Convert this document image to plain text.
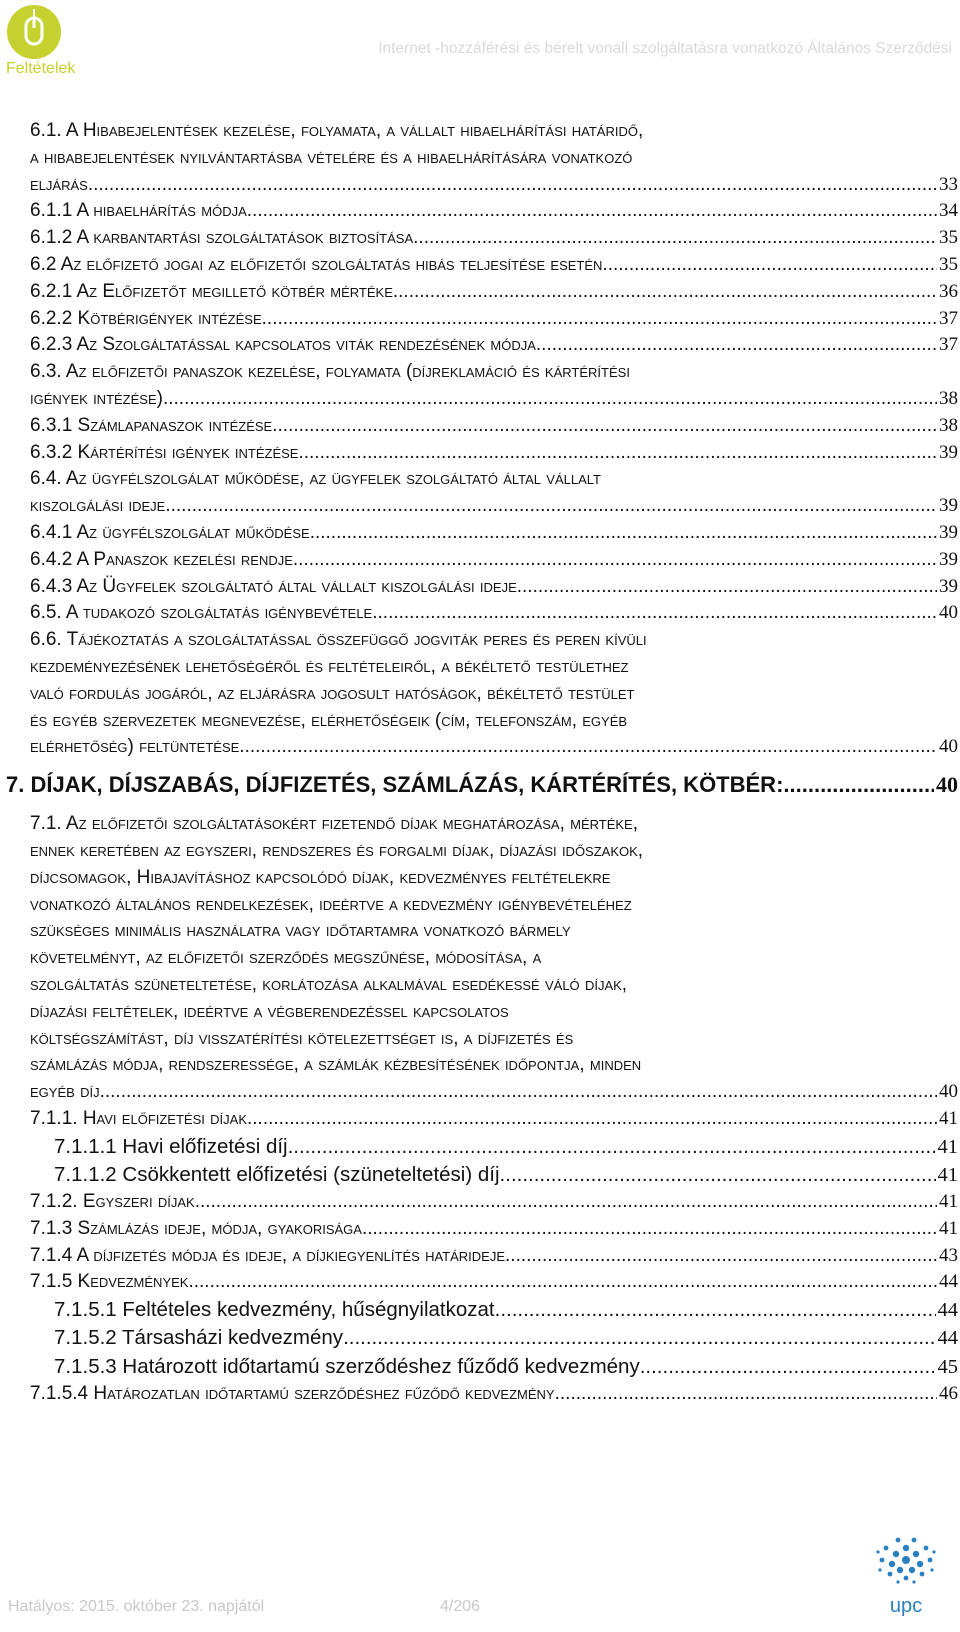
Feltételek
Internet -hozzáférési és bérelt vonali szolgáltatásra vonatkozó Általános Szerződési
6.1. A Hibabejelentések kezelése, folyamata, a vállalt hibaelhárítási határidő,
a hibabejelentések nyilvántartásba vételére és a hibaelhárítására vonatkozó
eljárás .....	33
6.1.1 A hibaelhárítás módja .....	34
6.1.2 A karbantartási szolgáltatások biztosítása .....	35
6.2 Az előfizető jogai az előfizetői szolgáltatás hibás teljesítése esetén .....	35
6.2.1 Az Előfizetőt megillető kötbér mértéke .....	36
6.2.2 Kötbérigények intézése .....	37
6.2.3 Az Szolgáltatással kapcsolatos viták rendezésének módja .....	37
6.3. Az előfizetői panaszok kezelése, folyamata (díjreklamáció és kártérítési
igények intézése) .....	38
6.3.1 Számlapanaszok intézése .....	38
6.3.2 Kártérítési igények intézése .....	39
6.4. Az ügyfélszolgálat működése, az ügyfelek szolgáltató által vállalt
kiszolgálási ideje .....	39
6.4.1 Az ügyfélszolgálat működése .....	39
6.4.2 A Panaszok kezelési rendje .....	39
6.4.3 Az Ügyfelek szolgáltató által vállalt kiszolgálási ideje .....	39
6.5. A tudakozó szolgáltatás igénybevétele .....	40
6.6. Tájékoztatás a szolgáltatással összefüggő jogviták peres és peren kívüli
kezdeményezésének lehetőségéről és feltételeiről, a békéltető testülethez
való fordulás jogáról, az eljárásra jogosult hatóságok, békéltető testület
és egyéb szervezetek megnevezése, elérhetőségeik (cím, telefonszám, egyéb
elérhetőség) feltüntetése .....	40
7. DÍJAK, DÍJSZABÁS, DÍJFIZETÉS, SZÁMLÁZÁS, KÁRTÉRÍTÉS, KÖTBÉR: .....	40
7.1. Az előfizetői szolgáltatásokért fizetendő díjak meghatározása, mértéke,
ennek keretében az egyszeri, rendszeres és forgalmi díjak, díjazási időszakok,
díjcsomagok, Hibajavításhoz kapcsolódó díjak, kedvezményes feltételekre
vonatkozó általános rendelkezések, ideértve a kedvezmény igénybevételéhez
szükséges minimális használatra vagy időtartamra vonatkozó bármely
követelményt, az előfizetői szerződés megszűnése, módosítása, a
szolgáltatás szüneteltetése, korlátozása alkalmával esedékessé váló díjak,
díjazási feltételek, ideértve a végberendezéssel kapcsolatos
költségszámítást, díj visszatérítési kötelezettséget is, a díjfizetés és
számlázás módja, rendszeressége, a számlák kézbesítésének időpontja, minden
egyéb díj .....	40
7.1.1. Havi előfizetési díjak .....	41
7.1.1.1 Havi előfizetési díj .....	41
7.1.1.2 Csökkentett előfizetési (szüneteltetési) díj .....	41
7.1.2. Egyszeri díjak .....	41
7.1.3 Számlázás ideje, módja, gyakorisága .....	41
7.1.4 A díjfizetés módja és ideje, a díjkiegyenlítés határideje .....	43
7.1.5 Kedvezmények .....	44
7.1.5.1 Feltételes kedvezmény, hűségnyilatkozat .....	44
7.1.5.2 Társasházi kedvezmény .....	44
7.1.5.3 Határozott időtartamú szerződéshez fűződő kedvezmény .....	45
7.1.5.4 Határozatlan időtartamú szerződéshez fűződő kedvezmény .....	46
Hatályos: 2015. október 23. napjától	4/206	upc
